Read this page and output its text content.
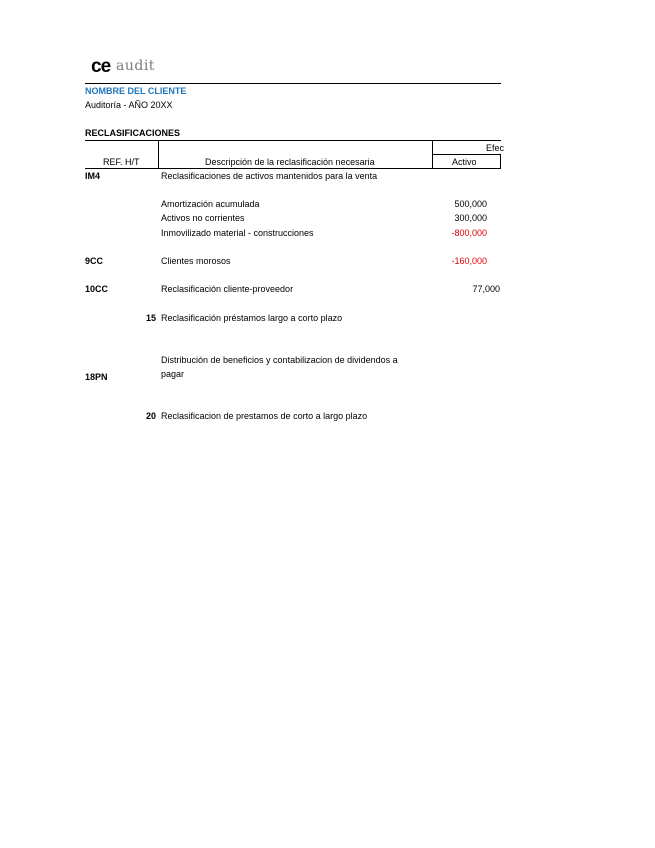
ce audit
NOMBRE DEL CLIENTE
Auditoría - AÑO 20XX
RECLASIFICACIONES
Efec
REF. H/T	Descripción de la reclasificación necesaria	Activo
IM4	Reclasificaciones de activos mantenidos para la venta
Amortización acumulada	500,000
Activos no corrientes	300,000
Inmovilizado material - construcciones	-800,000
9CC	Clientes morosos	-160,000
10CC	Reclasificación cliente-proveedor	77,000
15 Reclasificación préstamos largo a corto plazo
Distribución de beneficios y contabilizacion de dividendos a
18PN	pagar
20 Reclasificacion de prestamos de corto a largo plazo
